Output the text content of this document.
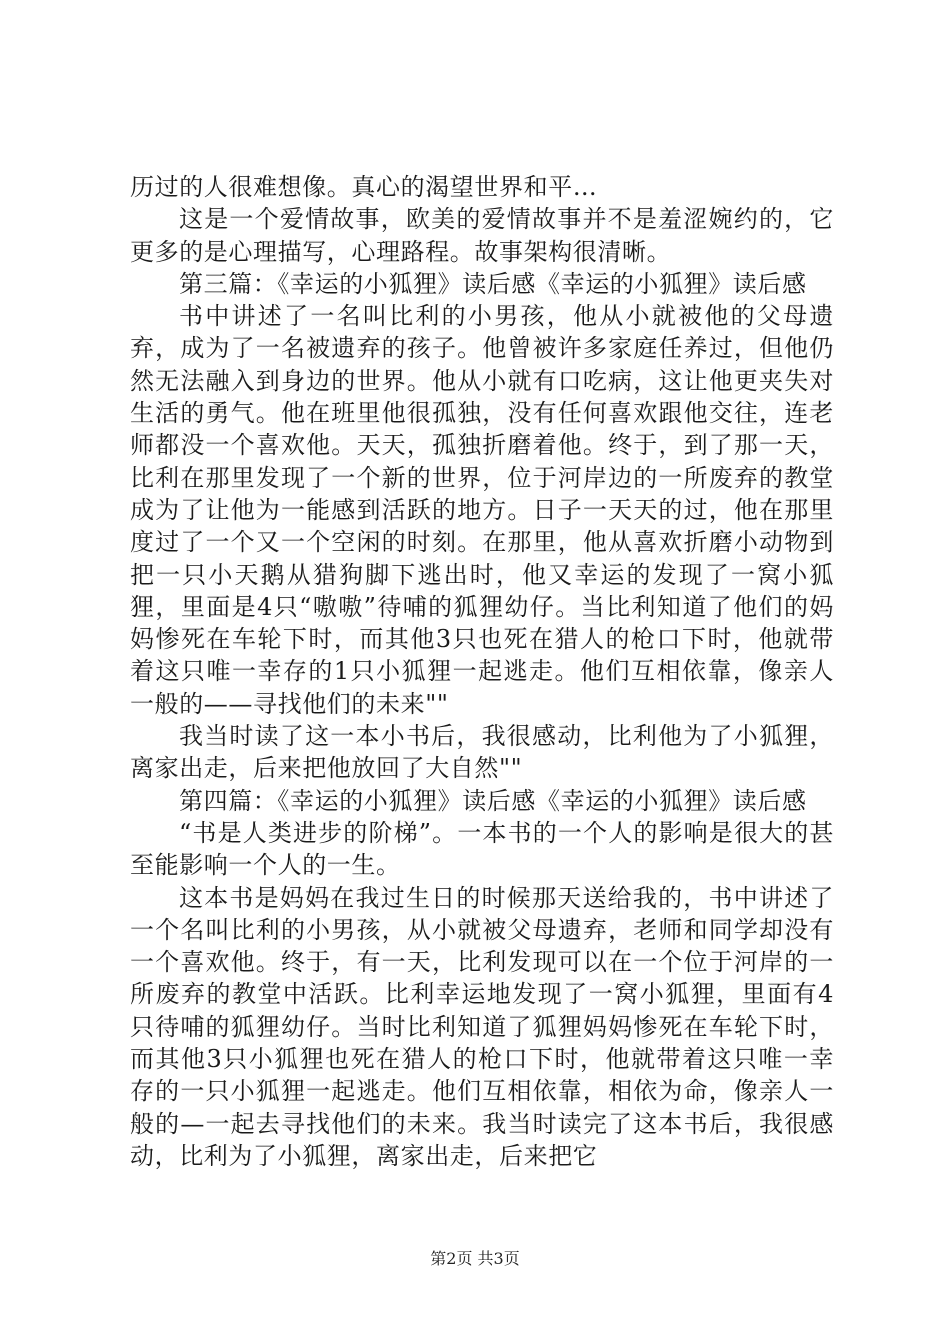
历过的人很难想像。真心的渴望世界和平…

这是一个爱情故事，欧美的爱情故事并不是羞涩婉约的，它更多的是心理描写，心理路程。故事架构很清晰。

第三篇：《幸运的小狐狸》读后感《幸运的小狐狸》读后感

书中讲述了一名叫比利的小男孩，他从小就被他的父母遗弃，成为了一名被遗弃的孩子。他曾被许多家庭任养过，但他仍然无法融入到身边的世界。他从小就有口吃病，这让他更夹失对生活的勇气。他在班里他很孤独，没有任何喜欢跟他交往，连老师都没一个喜欢他。天天，孤独折磨着他。终于，到了那一天，比利在那里发现了一个新的世界，位于河岸边的一所废弃的教堂成为了让他为一能感到活跃的地方。日子一天天的过，他在那里度过了一个又一个空闲的时刻。在那里，他从喜欢折磨小动物到把一只小天鹅从猎狗脚下逃出时，他又幸运的发现了一窝小狐狸，里面是4只“嗷嗷”待哺的狐狸幼仔。当比利知道了他们的妈妈惨死在车轮下时，而其他3只也死在猎人的枪口下时，他就带着这只唯一幸存的1只小狐狸一起逃走。他们互相依靠，像亲人一般的——寻找他们的未来""

我当时读了这一本小书后，我很感动，比利他为了小狐狸，离家出走，后来把他放回了大自然""

第四篇：《幸运的小狐狸》读后感《幸运的小狐狸》读后感

“书是人类进步的阶梯”。一本书的一个人的影响是很大的甚至能影响一个人的一生。

这本书是妈妈在我过生日的时候那天送给我的，书中讲述了一个名叫比利的小男孩，从小就被父母遗弃，老师和同学却没有一个喜欢他。终于，有一天，比利发现可以在一个位于河岸的一所废弃的教堂中活跃。比利幸运地发现了一窝小狐狸，里面有4只待哺的狐狸幼仔。当时比利知道了狐狸妈妈惨死在车轮下时，而其他3只小狐狸也死在猎人的枪口下时，他就带着这只唯一幸存的一只小狐狸一起逃走。他们互相依靠，相依为命，像亲人一般的—一起去寻找他们的未来。我当时读完了这本书后，我很感动，比利为了小狐狸，离家出走，后来把它

第2页 共3页
